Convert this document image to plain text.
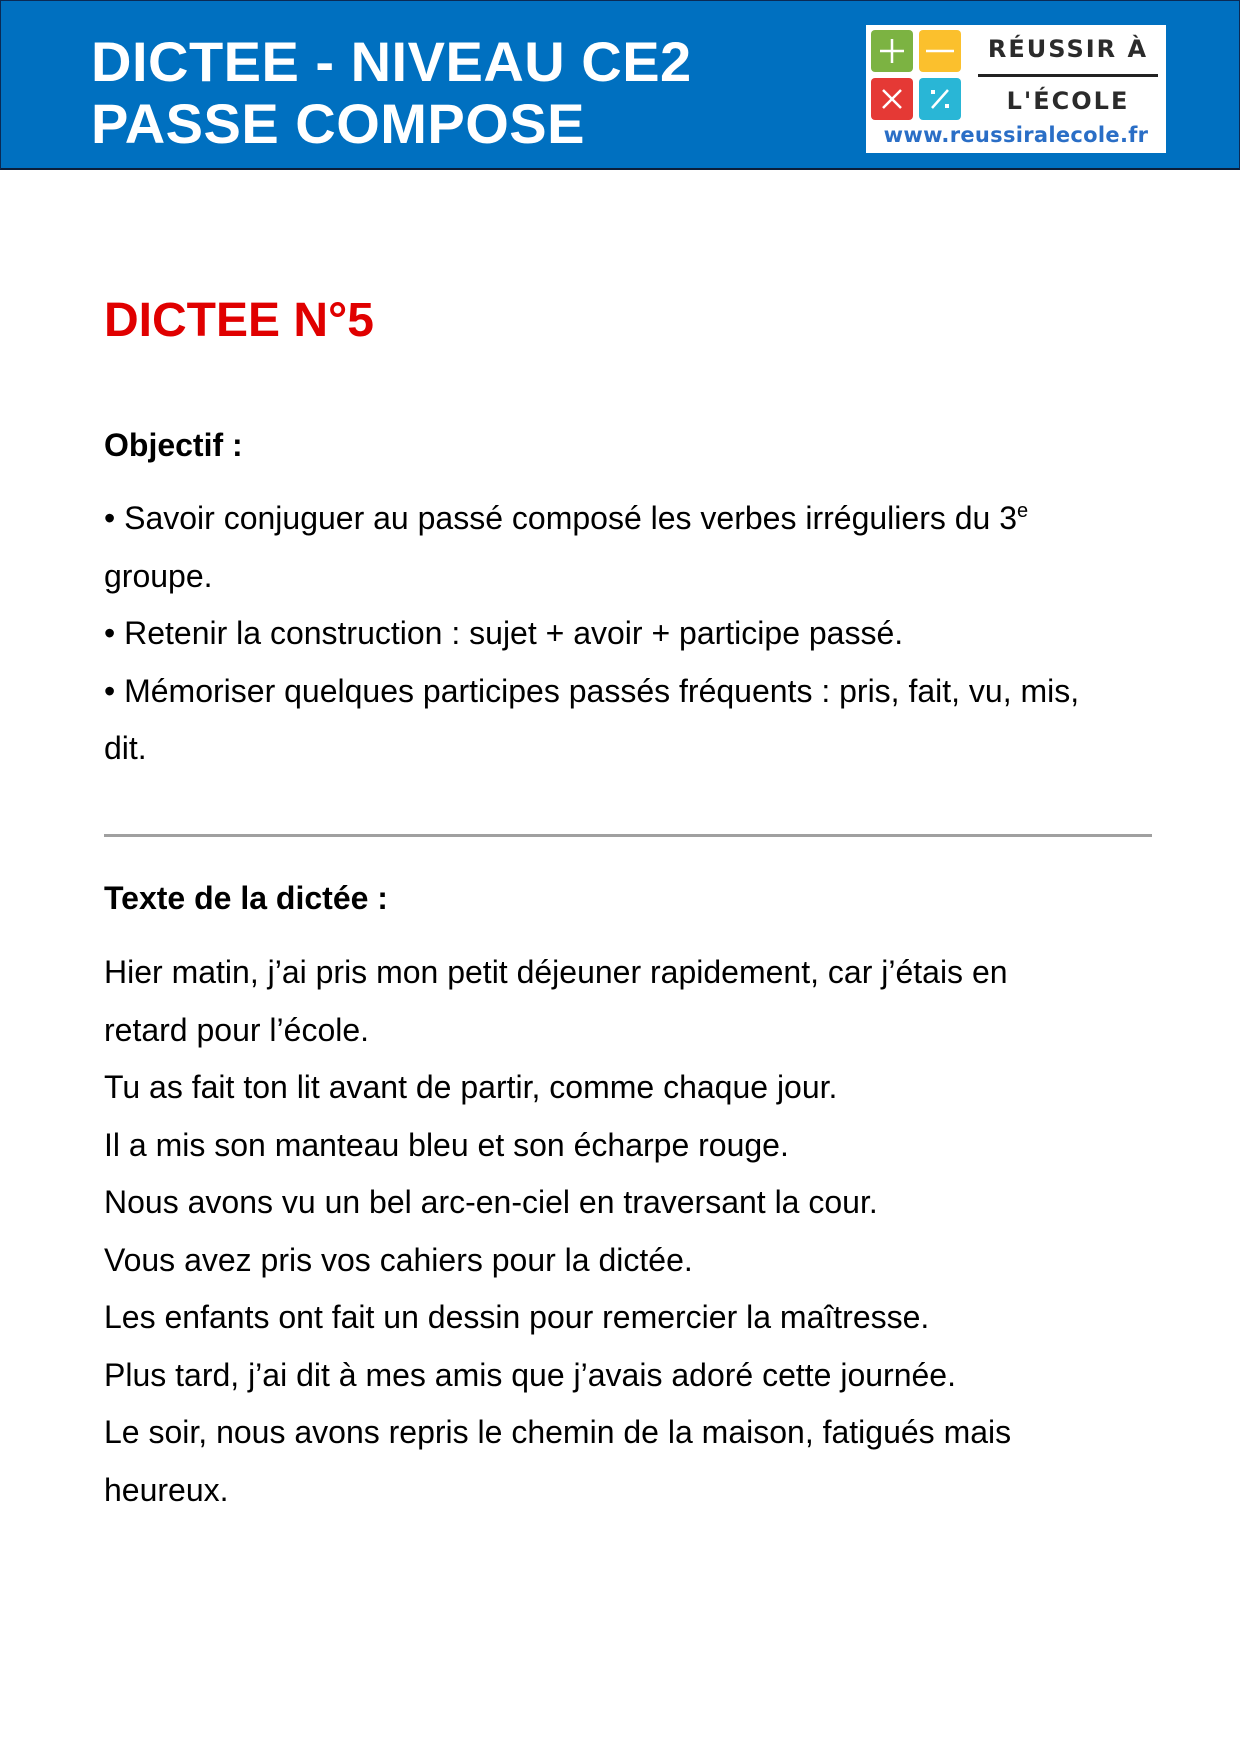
DICTEE - NIVEAU CE2
PASSE COMPOSE
RÉUSSIR À
L'ÉCOLE
www.reussiralecole.fr
DICTEE N°5
Objectif :

• Savoir conjuguer au passé composé les verbes irréguliers du 3e
groupe.

• Retenir la construction : sujet + avoir + participe passé.

• Mémoriser quelques participes passés fréquents : pris, fait, vu, mis, dit.

Texte de la dictée :

Hier matin, j’ai pris mon petit déjeuner rapidement, car j’étais en retard pour l’école.

Tu as fait ton lit avant de partir, comme chaque jour.

Il a mis son manteau bleu et son écharpe rouge.

Nous avons vu un bel arc-en-ciel en traversant la cour.

Vous avez pris vos cahiers pour la dictée.

Les enfants ont fait un dessin pour remercier la maîtresse.

Plus tard, j’ai dit à mes amis que j’avais adoré cette journée.

Le soir, nous avons repris le chemin de la maison, fatigués mais heureux.
